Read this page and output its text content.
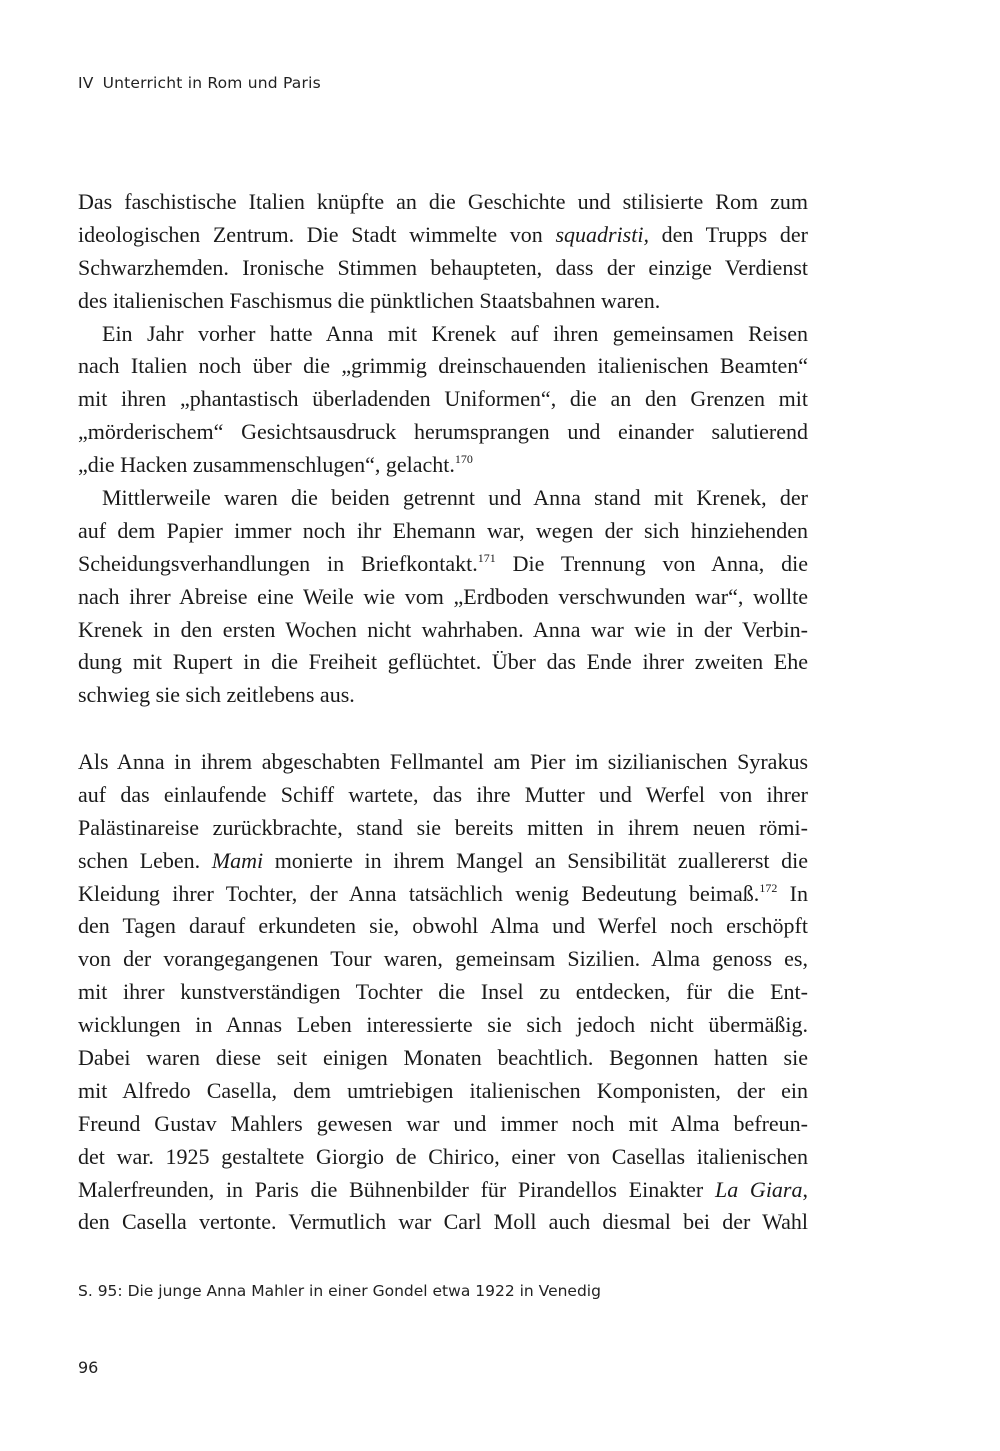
IV Unterricht in Rom und Paris
Das faschistische Italien knüpfte an die Geschichte und stilisierte Rom zum
ideologischen Zentrum. Die Stadt wimmelte von squadristi, den Trupps der
Schwarzhemden. Ironische Stimmen behaupteten, dass der einzige Verdienst
des italienischen Faschismus die pünktlichen Staatsbahnen waren.
Ein Jahr vorher hatte Anna mit Krenek auf ihren gemeinsamen Reisen
nach Italien noch über die „grimmig dreinschauenden italienischen Beamten“
mit ihren „phantastisch überladenden Uniformen“, die an den Grenzen mit
„mörderischem“ Gesichtsausdruck herumsprangen und einander salutierend
„die Hacken zusammenschlugen“, gelacht.$^{170}$
Mittlerweile waren die beiden getrennt und Anna stand mit Krenek, der
auf dem Papier immer noch ihr Ehemann war, wegen der sich hinziehenden
Scheidungsverhandlungen in Briefkontakt.$^{171}$ Die Trennung von Anna, die
nach ihrer Abreise eine Weile wie vom „Erdboden verschwunden war“, wollte
Krenek in den ersten Wochen nicht wahrhaben. Anna war wie in der Verbin-
dung mit Rupert in die Freiheit geflüchtet. Über das Ende ihrer zweiten Ehe
schwieg sie sich zeitlebens aus.
Als Anna in ihrem abgeschabten Fellmantel am Pier im sizilianischen Syrakus
auf das einlaufende Schiff wartete, das ihre Mutter und Werfel von ihrer
Palästinareise zurückbrachte, stand sie bereits mitten in ihrem neuen römi-
schen Leben. Mami monierte in ihrem Mangel an Sensibilität zuallererst die
Kleidung ihrer Tochter, der Anna tatsächlich wenig Bedeutung beimaß.$^{172}$ In
den Tagen darauf erkundeten sie, obwohl Alma und Werfel noch erschöpft
von der vorangegangenen Tour waren, gemeinsam Sizilien. Alma genoss es,
mit ihrer kunstverständigen Tochter die Insel zu entdecken, für die Ent-
wicklungen in Annas Leben interessierte sie sich jedoch nicht übermäßig.
Dabei waren diese seit einigen Monaten beachtlich. Begonnen hatten sie
mit Alfredo Casella, dem umtriebigen italienischen Komponisten, der ein
Freund Gustav Mahlers gewesen war und immer noch mit Alma befreun-
det war. 1925 gestaltete Giorgio de Chirico, einer von Casellas italienischen
Malerfreunden, in Paris die Bühnenbilder für Pirandellos Einakter La Giara,
den Casella vertonte. Vermutlich war Carl Moll auch diesmal bei der Wahl
S. 95: Die junge Anna Mahler in einer Gondel etwa 1922 in Venedig
96
